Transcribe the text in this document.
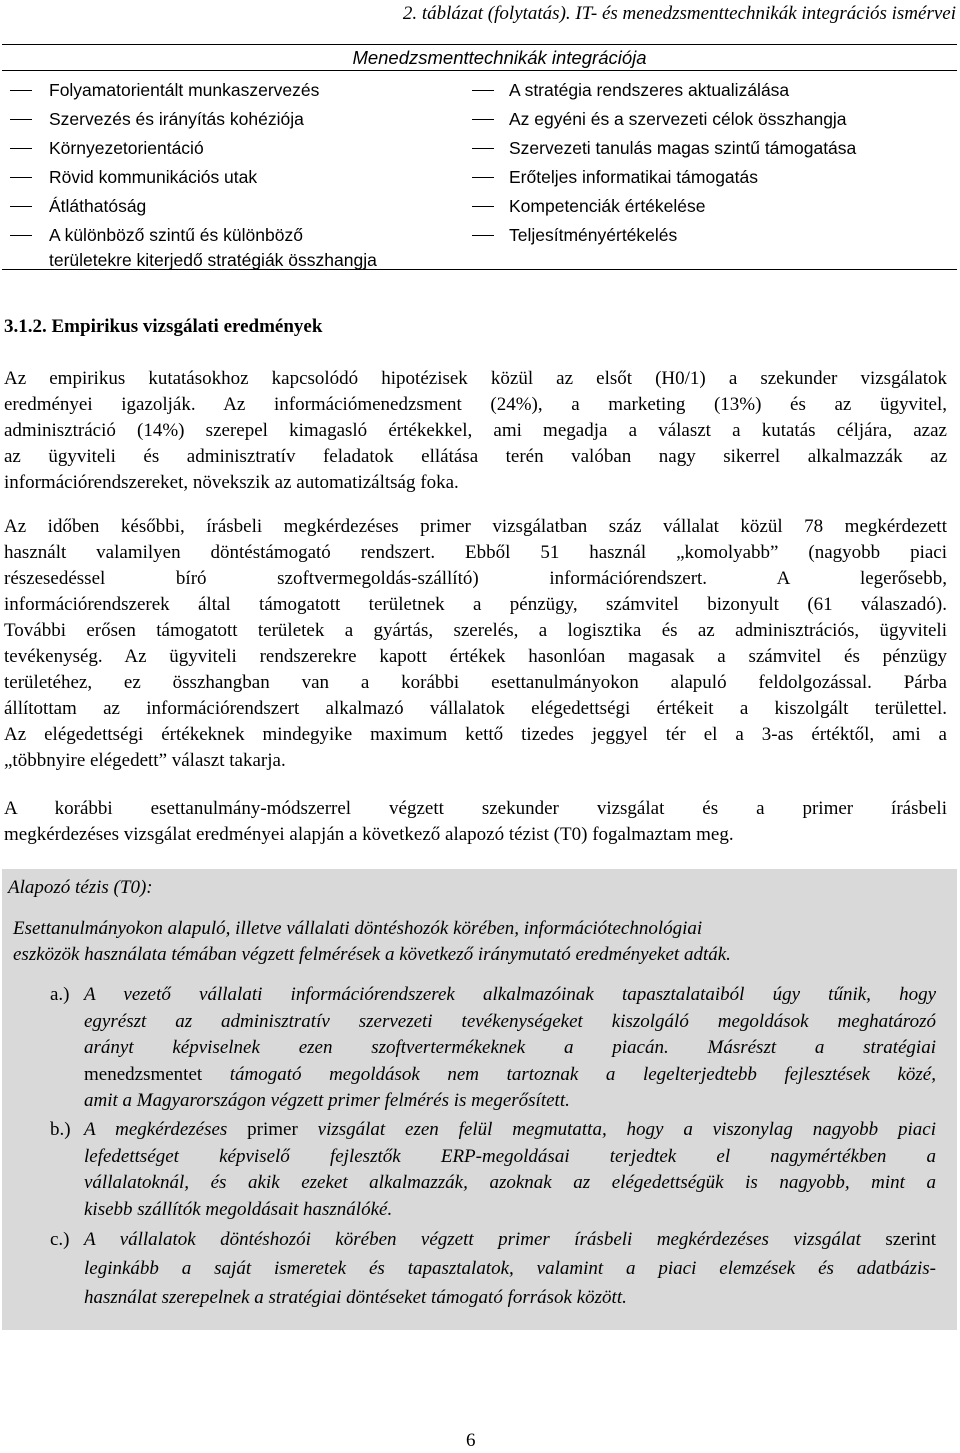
2. táblázat (folytatás). IT- és menedzsmenttechnikák integrációs ismérvei
Menedzsmenttechnikák integrációja
Folyamatorientált munkaszervezés
Szervezés és irányítás kohéziója
Környezetorientáció
Rövid kommunikációs utak
Átláthatóság
A különböző szintű és különböző
területekre kiterjedő stratégiák összhangja
A stratégia rendszeres aktualizálása
Az egyéni és a szervezeti célok összhangja
Szervezeti tanulás magas szintű támogatása
Erőteljes informatikai támogatás
Kompetenciák értékelése
Teljesítményértékelés
3.1.2. Empirikus vizsgálati eredmények
Az empirikus kutatásokhoz kapcsolódó hipotézisek közül az elsőt (H0/1) a szekunder vizsgálatok
eredményei igazolják. Az információmenedzsment (24%), a marketing (13%) és az ügyvitel,
adminisztráció (14%) szerepel kimagasló értékekkel, ami megadja a választ a kutatás céljára, azaz
az ügyviteli és adminisztratív feladatok ellátása terén valóban nagy sikerrel alkalmazzák az
információrendszereket, növekszik az automatizáltság foka.
Az időben későbbi, írásbeli megkérdezéses primer vizsgálatban száz vállalat közül 78 megkérdezett
használt valamilyen döntéstámogató rendszert. Ebből 51 használ „komolyabb” (nagyobb piaci
részesedéssel bíró szoftvermegoldás-szállító) információrendszert. A legerősebb,
információrendszerek által támogatott területnek a pénzügy, számvitel bizonyult (61 válaszadó).
További erősen támogatott területek a gyártás, szerelés, a logisztika és az adminisztrációs, ügyviteli
tevékenység. Az ügyviteli rendszerekre kapott értékek hasonlóan magasak a számvitel és pénzügy
területéhez, ez összhangban van a korábbi esettanulmányokon alapuló feldolgozással. Párba
állítottam az információrendszert alkalmazó vállalatok elégedettségi értékeit a kiszolgált területtel.
Az elégedettségi értékeknek mindegyike maximum kettő tizedes jeggyel tér el a 3-as értéktől, ami a
„többnyire elégedett” választ takarja.
A korábbi esettanulmány-módszerrel végzett szekunder vizsgálat és a primer írásbeli
megkérdezéses vizsgálat eredményei alapján a következő alapozó tézist (T0) fogalmaztam meg.
Alapozó tézis (T0):
Esettanulmányokon alapuló, illetve vállalati döntéshozók körében, információtechnológiai
eszközök használata témában végzett felmérések a következő iránymutató eredményeket adták.
a.) A vezető vállalati információrendszerek alkalmazóinak tapasztalataiból úgy tűnik, hogy
egyrészt az adminisztratív szervezeti tevékenységeket kiszolgáló megoldások meghatározó
arányt képviselnek ezen szoftvertermékeknek a piacán. Másrészt a stratégiai
menedzsmentet támogató megoldások nem tartoznak a legelterjedtebb fejlesztések közé,
amit a Magyarországon végzett primer felmérés is megerősített.
b.) A megkérdezéses primer vizsgálat ezen felül megmutatta, hogy a viszonylag nagyobb piaci
lefedettséget képviselő fejlesztők ERP-megoldásai terjedtek el nagymértékben a
vállalatoknál, és akik ezeket alkalmazzák, azoknak az elégedettségük is nagyobb, mint a
kisebb szállítók megoldásait használóké.
c.) A vállalatok döntéshozói körében végzett primer írásbeli megkérdezéses vizsgálat szerint
leginkább a saját ismeretek és tapasztalatok, valamint a piaci elemzések és adatbázis-
használat szerepelnek a stratégiai döntéseket támogató források között.
6
